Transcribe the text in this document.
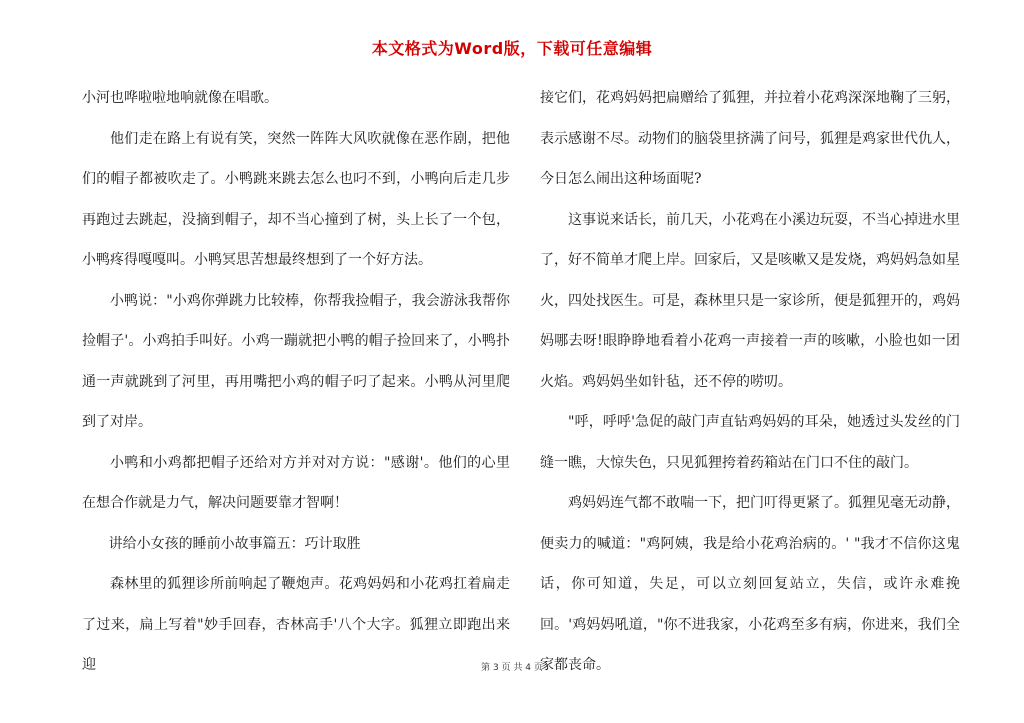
本文格式为Word版，下载可任意编辑

小河也哗啦啦地响就像在唱歌。

他们走在路上有说有笑，突然一阵阵大风吹就像在恶作剧，把他们的帽子都被吹走了。小鸭跳来跳去怎么也叼不到，小鸭向后走几步再跑过去跳起，没摘到帽子，却不当心撞到了树，头上长了一个包，小鸭疼得嘎嘎叫。小鸭冥思苦想最终想到了一个好方法。

小鸭说："小鸡你弹跳力比较棒，你帮我捡帽子，我会游泳我帮你捡帽子'。小鸡拍手叫好。小鸡一蹦就把小鸭的帽子捡回来了，小鸭扑通一声就跳到了河里，再用嘴把小鸡的帽子叼了起来。小鸭从河里爬到了对岸。

小鸭和小鸡都把帽子还给对方并对对方说："感谢'。他们的心里在想合作就是力气，解决问题要靠才智啊！

讲给小女孩的睡前小故事篇五：巧计取胜

森林里的狐狸诊所前响起了鞭炮声。花鸡妈妈和小花鸡扛着扁走了过来，扁上写着"妙手回春，杏林高手'八个大字。狐狸立即跑出来迎

接它们，花鸡妈妈把扁赠给了狐狸，并拉着小花鸡深深地鞠了三躬，表示感谢不尽。动物们的脑袋里挤满了问号，狐狸是鸡家世代仇人，今日怎么闹出这种场面呢?

这事说来话长，前几天，小花鸡在小溪边玩耍，不当心掉进水里了，好不简单才爬上岸。回家后，又是咳嗽又是发烧，鸡妈妈急如星火，四处找医生。可是，森林里只是一家诊所，便是狐狸开的，鸡妈妈哪去呀!眼睁睁地看着小花鸡一声接着一声的咳嗽，小脸也如一团火焰。鸡妈妈坐如针毡，还不停的唠叨。

"呼，呼呼'急促的敲门声直钻鸡妈妈的耳朵，她透过头发丝的门缝一瞧，大惊失色，只见狐狸挎着药箱站在门口不住的敲门。

鸡妈妈连气都不敢喘一下，把门叮得更紧了。狐狸见毫无动静，便卖力的喊道："鸡阿姨，我是给小花鸡治病的。' "我才不信你这鬼话，你可知道，失足，可以立刻回复站立，失信，或许永难挽回。'鸡妈妈吼道，"你不进我家，小花鸡至多有病，你进来，我们全家都丧命。

第 3 页 共 4 页
